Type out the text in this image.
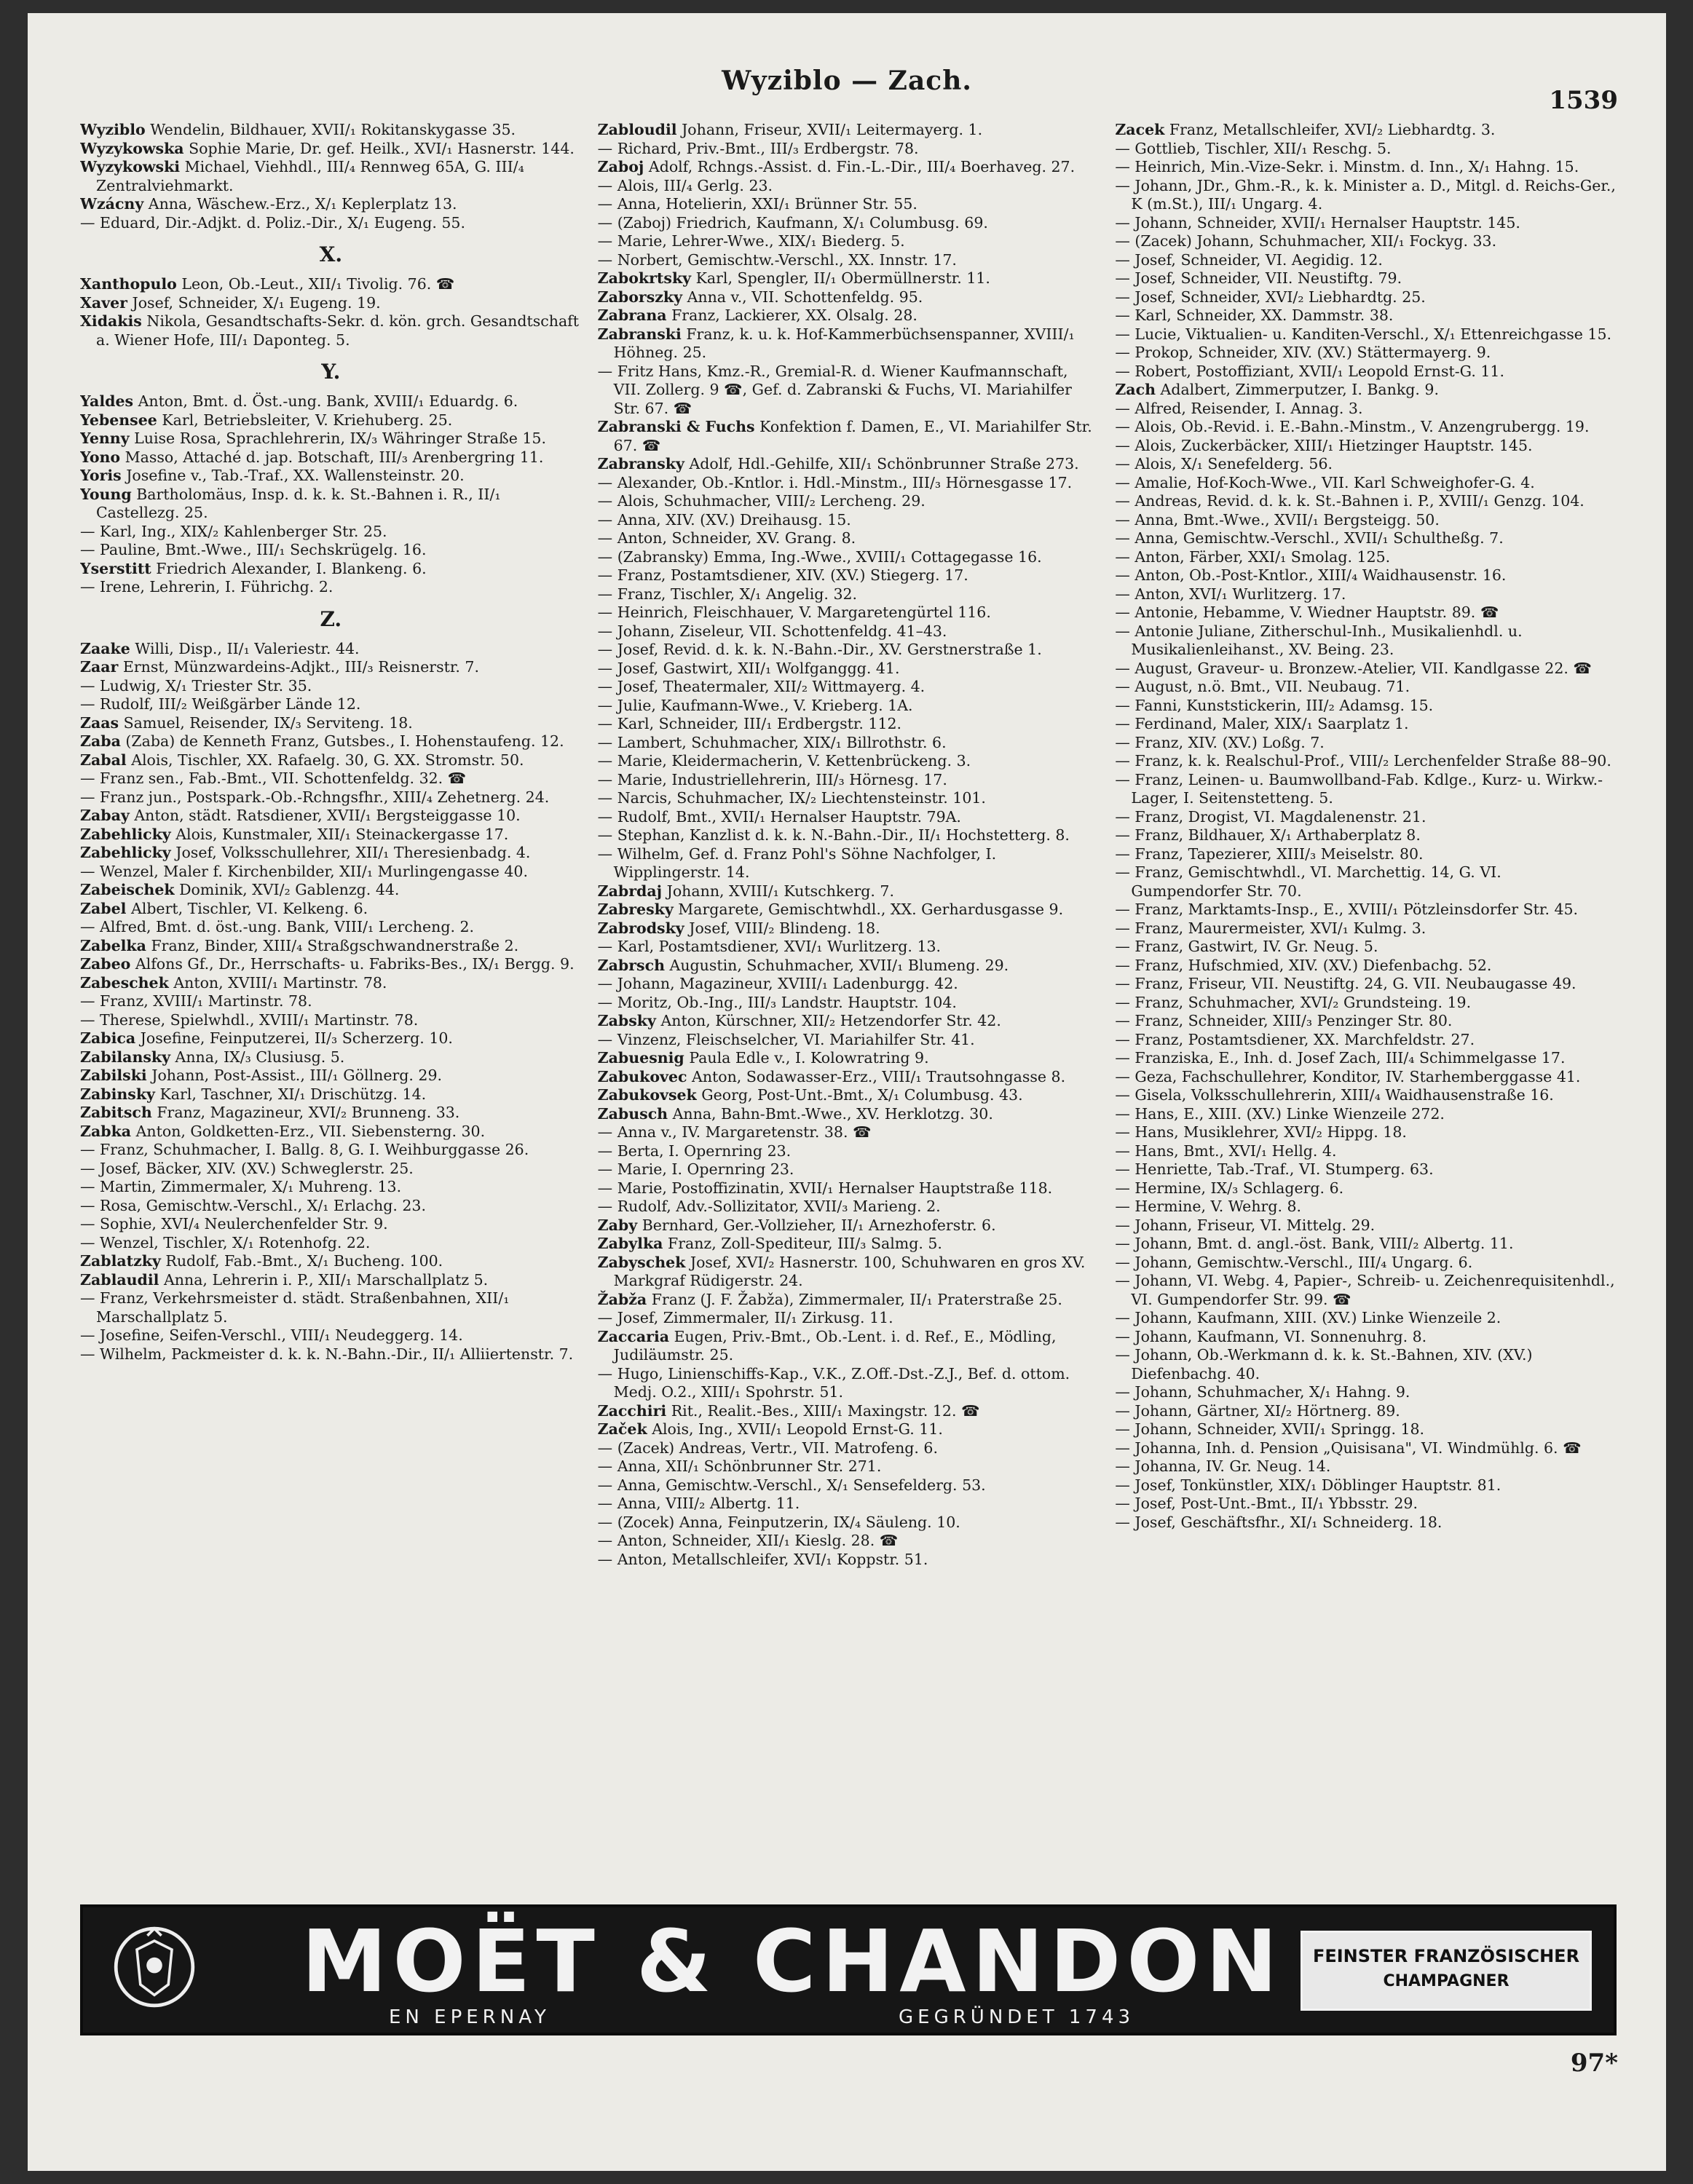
Wyziblo — Zach.
1539
Wyziblo Wendelin, Bildhauer, XVII/₁ Rokitanskygasse 35.
Wyzykowska Sophie Marie, Dr. gef. Heilk., XVI/₁ Hasnerstr. 144.
Wyzykowski Michael, Viehhdl., III/₄ Rennweg 65A, G. III/₄ Zentralviehmarkt.
Wzácny Anna, Wäschew.-Erz., X/₁ Keplerplatz 13.
— Eduard, Dir.-Adjkt. d. Poliz.-Dir., X/₁ Eugeng. 55.
X.
Xanthopulo Leon, Ob.-Leut., XII/₁ Tivolig. 76. ☎
Xaver Josef, Schneider, X/₁ Eugeng. 19.
Xidakis Nikola, Gesandtschafts-Sekr. d. kön. grch. Gesandtschaft a. Wiener Hofe, III/₁ Daponteg. 5.
Y.
Yaldes Anton, Bmt. d. Öst.-ung. Bank, XVIII/₁ Eduardg. 6.
Yebensee Karl, Betriebsleiter, V. Kriehuberg. 25.
Yenny Luise Rosa, Sprachlehrerin, IX/₃ Währinger Straße 15.
Yono Masso, Attaché d. jap. Botschaft, III/₃ Arenbergring 11.
Yoris Josefine v., Tab.-Traf., XX. Wallensteinstr. 20.
Young Bartholomäus, Insp. d. k. k. St.-Bahnen i. R., II/₁ Castellezg. 25.
— Karl, Ing., XIX/₂ Kahlenberger Str. 25.
— Pauline, Bmt.-Wwe., III/₁ Sechskrügelg. 16.
Yserstitt Friedrich Alexander, I. Blankeng. 6.
— Irene, Lehrerin, I. Führichg. 2.
Z.
Zaake Willi, Disp., II/₁ Valeriestr. 44.
Zaar Ernst, Münzwardeins-Adjkt., III/₃ Reisnerstr. 7.
— Ludwig, X/₁ Triester Str. 35.
— Rudolf, III/₂ Weißgärber Lände 12.
Zaas Samuel, Reisender, IX/₃ Serviteng. 18.
Zaba (Zaba) de Kenneth Franz, Gutsbes., I. Hohenstaufeng. 12.
Zabal Alois, Tischler, XX. Rafaelg. 30, G. XX. Stromstr. 50.
— Franz sen., Fab.-Bmt., VII. Schottenfeldg. 32. ☎
— Franz jun., Postspark.-Ob.-Rchngsfhr., XIII/₄ Zehetnerg. 24.
Zabay Anton, städt. Ratsdiener, XVII/₁ Bergsteiggasse 10.
Zabehlicky Alois, Kunstmaler, XII/₁ Steinackergasse 17.
Zabehlicky Josef, Volksschullehrer, XII/₁ Theresienbadg. 4.
— Wenzel, Maler f. Kirchenbilder, XII/₁ Murlingengasse 40.
Zabeischek Dominik, XVI/₂ Gablenzg. 44.
Zabel Albert, Tischler, VI. Kelkeng. 6.
— Alfred, Bmt. d. öst.-ung. Bank, VIII/₁ Lercheng. 2.
Zabelka Franz, Binder, XIII/₄ Straßgschwandnerstraße 2.
Zabeo Alfons Gf., Dr., Herrschafts- u. Fabriks-Bes., IX/₁ Bergg. 9.
Zabeschek Anton, XVIII/₁ Martinstr. 78.
— Franz, XVIII/₁ Martinstr. 78.
— Therese, Spielwhdl., XVIII/₁ Martinstr. 78.
Zabica Josefine, Feinputzerei, II/₃ Scherzerg. 10.
Zabilansky Anna, IX/₃ Clusiusg. 5.
Zabilski Johann, Post-Assist., III/₁ Göllnerg. 29.
Zabinsky Karl, Taschner, XI/₁ Drischützg. 14.
Zabitsch Franz, Magazineur, XVI/₂ Brunneng. 33.
Zabka Anton, Goldketten-Erz., VII. Siebensterng. 30.
— Franz, Schuhmacher, I. Ballg. 8, G. I. Weihburggasse 26.
— Josef, Bäcker, XIV. (XV.) Schweglerstr. 25.
— Martin, Zimmermaler, X/₁ Muhreng. 13.
— Rosa, Gemischtw.-Verschl., X/₁ Erlachg. 23.
— Sophie, XVI/₄ Neulerchenfelder Str. 9.
— Wenzel, Tischler, X/₁ Rotenhofg. 22.
Zablatzky Rudolf, Fab.-Bmt., X/₁ Bucheng. 100.
Zablaudil Anna, Lehrerin i. P., XII/₁ Marschallplatz 5.
— Franz, Verkehrsmeister d. städt. Straßenbahnen, XII/₁ Marschallplatz 5.
— Josefine, Seifen-Verschl., VIII/₁ Neudeggerg. 14.
— Wilhelm, Packmeister d. k. k. N.-Bahn.-Dir., II/₁ Alliiertenstr. 7.
Zabloudil Johann, Friseur, XVII/₁ Leitermayerg. 1.
— Richard, Priv.-Bmt., III/₃ Erdbergstr. 78.
Zaboj Adolf, Rchngs.-Assist. d. Fin.-L.-Dir., III/₄ Boerhaveg. 27.
— Alois, III/₄ Gerlg. 23.
— Anna, Hotelierin, XXI/₁ Brünner Str. 55.
— (Zaboj) Friedrich, Kaufmann, X/₁ Columbusg. 69.
— Marie, Lehrer-Wwe., XIX/₁ Biederg. 5.
— Norbert, Gemischtw.-Verschl., XX. Innstr. 17.
Zabokrtsky Karl, Spengler, II/₁ Obermüllnerstr. 11.
Zaborszky Anna v., VII. Schottenfeldg. 95.
Zabrana Franz, Lackierer, XX. Olsalg. 28.
Zabranski Franz, k. u. k. Hof-Kammerbüchsenspanner, XVIII/₁ Höhneg. 25.
— Fritz Hans, Kmz.-R., Gremial-R. d. Wiener Kaufmannschaft, VII. Zollerg. 9 ☎, Gef. d. Zabranski & Fuchs, VI. Mariahilfer Str. 67. ☎
Zabranski & Fuchs Konfektion f. Damen, E., VI. Mariahilfer Str. 67. ☎
Zabransky Adolf, Hdl.-Gehilfe, XII/₁ Schönbrunner Straße 273.
— Alexander, Ob.-Kntlor. i. Hdl.-Minstm., III/₃ Hörnesgasse 17.
— Alois, Schuhmacher, VIII/₂ Lercheng. 29.
— Anna, XIV. (XV.) Dreihausg. 15.
— Anton, Schneider, XV. Grang. 8.
— (Zabransky) Emma, Ing.-Wwe., XVIII/₁ Cottagegasse 16.
— Franz, Postamtsdiener, XIV. (XV.) Stiegerg. 17.
— Franz, Tischler, X/₁ Angelig. 32.
— Heinrich, Fleischhauer, V. Margaretengürtel 116.
— Johann, Ziseleur, VII. Schottenfeldg. 41–43.
— Josef, Revid. d. k. k. N.-Bahn.-Dir., XV. Gerstnerstraße 1.
— Josef, Gastwirt, XII/₁ Wolfganggg. 41.
— Josef, Theatermaler, XII/₂ Wittmayerg. 4.
— Julie, Kaufmann-Wwe., V. Krieberg. 1A.
— Karl, Schneider, III/₁ Erdbergstr. 112.
— Lambert, Schuhmacher, XIX/₁ Billrothstr. 6.
— Marie, Kleidermacherin, V. Kettenbrückeng. 3.
— Marie, Industriellehrerin, III/₃ Hörnesg. 17.
— Narcis, Schuhmacher, IX/₂ Liechtensteinstr. 101.
— Rudolf, Bmt., XVII/₁ Hernalser Hauptstr. 79A.
— Stephan, Kanzlist d. k. k. N.-Bahn.-Dir., II/₁ Hochstetterg. 8.
— Wilhelm, Gef. d. Franz Pohl's Söhne Nachfolger, I. Wipplingerstr. 14.
Zabrdaj Johann, XVIII/₁ Kutschkerg. 7.
Zabresky Margarete, Gemischtwhdl., XX. Gerhardusgasse 9.
Zabrodsky Josef, VIII/₂ Blindeng. 18.
— Karl, Postamtsdiener, XVI/₁ Wurlitzerg. 13.
Zabrsch Augustin, Schuhmacher, XVII/₁ Blumeng. 29.
— Johann, Magazineur, XVIII/₁ Ladenburgg. 42.
— Moritz, Ob.-Ing., III/₃ Landstr. Hauptstr. 104.
Zabsky Anton, Kürschner, XII/₂ Hetzendorfer Str. 42.
— Vinzenz, Fleischselcher, VI. Mariahilfer Str. 41.
Zabuesnig Paula Edle v., I. Kolowratring 9.
Zabukovec Anton, Sodawasser-Erz., VIII/₁ Trautsohngasse 8.
Zabukovsek Georg, Post-Unt.-Bmt., X/₁ Columbusg. 43.
Zabusch Anna, Bahn-Bmt.-Wwe., XV. Herklotzg. 30.
— Anna v., IV. Margaretenstr. 38. ☎
— Berta, I. Opernring 23.
— Marie, I. Opernring 23.
— Marie, Postoffizinatin, XVII/₁ Hernalser Hauptstraße 118.
— Rudolf, Adv.-Sollizitator, XVII/₃ Marieng. 2.
Zaby Bernhard, Ger.-Vollzieher, II/₁ Arnezhoferstr. 6.
Zabylka Franz, Zoll-Spediteur, III/₃ Salmg. 5.
Zabyschek Josef, XVI/₂ Hasnerstr. 100, Schuhwaren en gros XV. Markgraf Rüdigerstr. 24.
Žabža Franz (J. F. Žabža), Zimmermaler, II/₁ Praterstraße 25.
— Josef, Zimmermaler, II/₁ Zirkusg. 11.
Zaccaria Eugen, Priv.-Bmt., Ob.-Lent. i. d. Ref., E., Mödling, Judiläumstr. 25.
— Hugo, Linienschiffs-Kap., V.K., Z.Off.-Dst.-Z.J., Bef. d. ottom. Medj. O.2., XIII/₁ Spohrstr. 51.
Zacchiri Rit., Realit.-Bes., XIII/₁ Maxingstr. 12. ☎
Začek Alois, Ing., XVII/₁ Leopold Ernst-G. 11.
— (Zacek) Andreas, Vertr., VII. Matrofeng. 6.
— Anna, XII/₁ Schönbrunner Str. 271.
— Anna, Gemischtw.-Verschl., X/₁ Sensefelderg. 53.
— Anna, VIII/₂ Albertg. 11.
— (Zocek) Anna, Feinputzerin, IX/₄ Säuleng. 10.
— Anton, Schneider, XII/₁ Kieslg. 28. ☎
— Anton, Metallschleifer, XVI/₁ Koppstr. 51.
Zacek Franz, Metallschleifer, XVI/₂ Liebhardtg. 3.
— Gottlieb, Tischler, XII/₁ Reschg. 5.
— Heinrich, Min.-Vize-Sekr. i. Minstm. d. Inn., X/₁ Hahng. 15.
— Johann, JDr., Ghm.-R., k. k. Minister a. D., Mitgl. d. Reichs-Ger., K (m.St.), III/₁ Ungarg. 4.
— Johann, Schneider, XVII/₁ Hernalser Hauptstr. 145.
— (Zacek) Johann, Schuhmacher, XII/₁ Fockyg. 33.
— Josef, Schneider, VI. Aegidig. 12.
— Josef, Schneider, VII. Neustiftg. 79.
— Josef, Schneider, XVI/₂ Liebhardtg. 25.
— Karl, Schneider, XX. Dammstr. 38.
— Lucie, Viktualien- u. Kanditen-Verschl., X/₁ Ettenreichgasse 15.
— Prokop, Schneider, XIV. (XV.) Stättermayerg. 9.
— Robert, Postoffiziant, XVII/₁ Leopold Ernst-G. 11.
Zach Adalbert, Zimmerputzer, I. Bankg. 9.
— Alfred, Reisender, I. Annag. 3.
— Alois, Ob.-Revid. i. E.-Bahn.-Minstm., V. Anzengrubergg. 19.
— Alois, Zuckerbäcker, XIII/₁ Hietzinger Hauptstr. 145.
— Alois, X/₁ Senefelderg. 56.
— Amalie, Hof-Koch-Wwe., VII. Karl Schweighofer-G. 4.
— Andreas, Revid. d. k. k. St.-Bahnen i. P., XVIII/₁ Genzg. 104.
— Anna, Bmt.-Wwe., XVII/₁ Bergsteigg. 50.
— Anna, Gemischtw.-Verschl., XVII/₁ Schultheßg. 7.
— Anton, Färber, XXI/₁ Smolag. 125.
— Anton, Ob.-Post-Kntlor., XIII/₄ Waidhausenstr. 16.
— Anton, XVI/₁ Wurlitzerg. 17.
— Antonie, Hebamme, V. Wiedner Hauptstr. 89. ☎
— Antonie Juliane, Zitherschul-Inh., Musikalienhdl. u. Musikalienleihanst., XV. Being. 23.
— August, Graveur- u. Bronzew.-Atelier, VII. Kandlgasse 22. ☎
— August, n.ö. Bmt., VII. Neubaug. 71.
— Fanni, Kunststickerin, III/₂ Adamsg. 15.
— Ferdinand, Maler, XIX/₁ Saarplatz 1.
— Franz, XIV. (XV.) Loßg. 7.
— Franz, k. k. Realschul-Prof., VIII/₂ Lerchenfelder Straße 88–90.
— Franz, Leinen- u. Baumwollband-Fab. Kdlge., Kurz- u. Wirkw.-Lager, I. Seitenstetteng. 5.
— Franz, Drogist, VI. Magdalenenstr. 21.
— Franz, Bildhauer, X/₁ Arthaberplatz 8.
— Franz, Tapezierer, XIII/₃ Meiselstr. 80.
— Franz, Gemischtwhdl., VI. Marchettig. 14, G. VI. Gumpendorfer Str. 70.
— Franz, Marktamts-Insp., E., XVIII/₁ Pötzleinsdorfer Str. 45.
— Franz, Maurermeister, XVI/₁ Kulmg. 3.
— Franz, Gastwirt, IV. Gr. Neug. 5.
— Franz, Hufschmied, XIV. (XV.) Diefenbachg. 52.
— Franz, Friseur, VII. Neustiftg. 24, G. VII. Neubaugasse 49.
— Franz, Schuhmacher, XVI/₂ Grundsteing. 19.
— Franz, Schneider, XIII/₃ Penzinger Str. 80.
— Franz, Postamtsdiener, XX. Marchfeldstr. 27.
— Franziska, E., Inh. d. Josef Zach, III/₄ Schimmelgasse 17.
— Geza, Fachschullehrer, Konditor, IV. Starhemberggasse 41.
— Gisela, Volksschullehrerin, XIII/₄ Waidhausenstraße 16.
— Hans, E., XIII. (XV.) Linke Wienzeile 272.
— Hans, Musiklehrer, XVI/₂ Hippg. 18.
— Hans, Bmt., XVI/₁ Hellg. 4.
— Henriette, Tab.-Traf., VI. Stumperg. 63.
— Hermine, IX/₃ Schlagerg. 6.
— Hermine, V. Wehrg. 8.
— Johann, Friseur, VI. Mittelg. 29.
— Johann, Bmt. d. angl.-öst. Bank, VIII/₂ Albertg. 11.
— Johann, Gemischtw.-Verschl., III/₄ Ungarg. 6.
— Johann, VI. Webg. 4, Papier-, Schreib- u. Zeichenrequisitenhdl., VI. Gumpendorfer Str. 99. ☎
— Johann, Kaufmann, XIII. (XV.) Linke Wienzeile 2.
— Johann, Kaufmann, VI. Sonnenuhrg. 8.
— Johann, Ob.-Werkmann d. k. k. St.-Bahnen, XIV. (XV.) Diefenbachg. 40.
— Johann, Schuhmacher, X/₁ Hahng. 9.
— Johann, Gärtner, XI/₂ Hörtnerg. 89.
— Johann, Schneider, XVII/₁ Springg. 18.
— Johanna, Inh. d. Pension „Quisisana", VI. Windmühlg. 6. ☎
— Johanna, IV. Gr. Neug. 14.
— Josef, Tonkünstler, XIX/₁ Döblinger Hauptstr. 81.
— Josef, Post-Unt.-Bmt., II/₁ Ybbsstr. 29.
— Josef, Geschäftsfhr., XI/₁ Schneiderg. 18.
MOËT & CHANDON
EN EPERNAY	GEGRÜNDET 1743
FEINSTER FRANZÖSISCHER
CHAMPAGNER
97*
